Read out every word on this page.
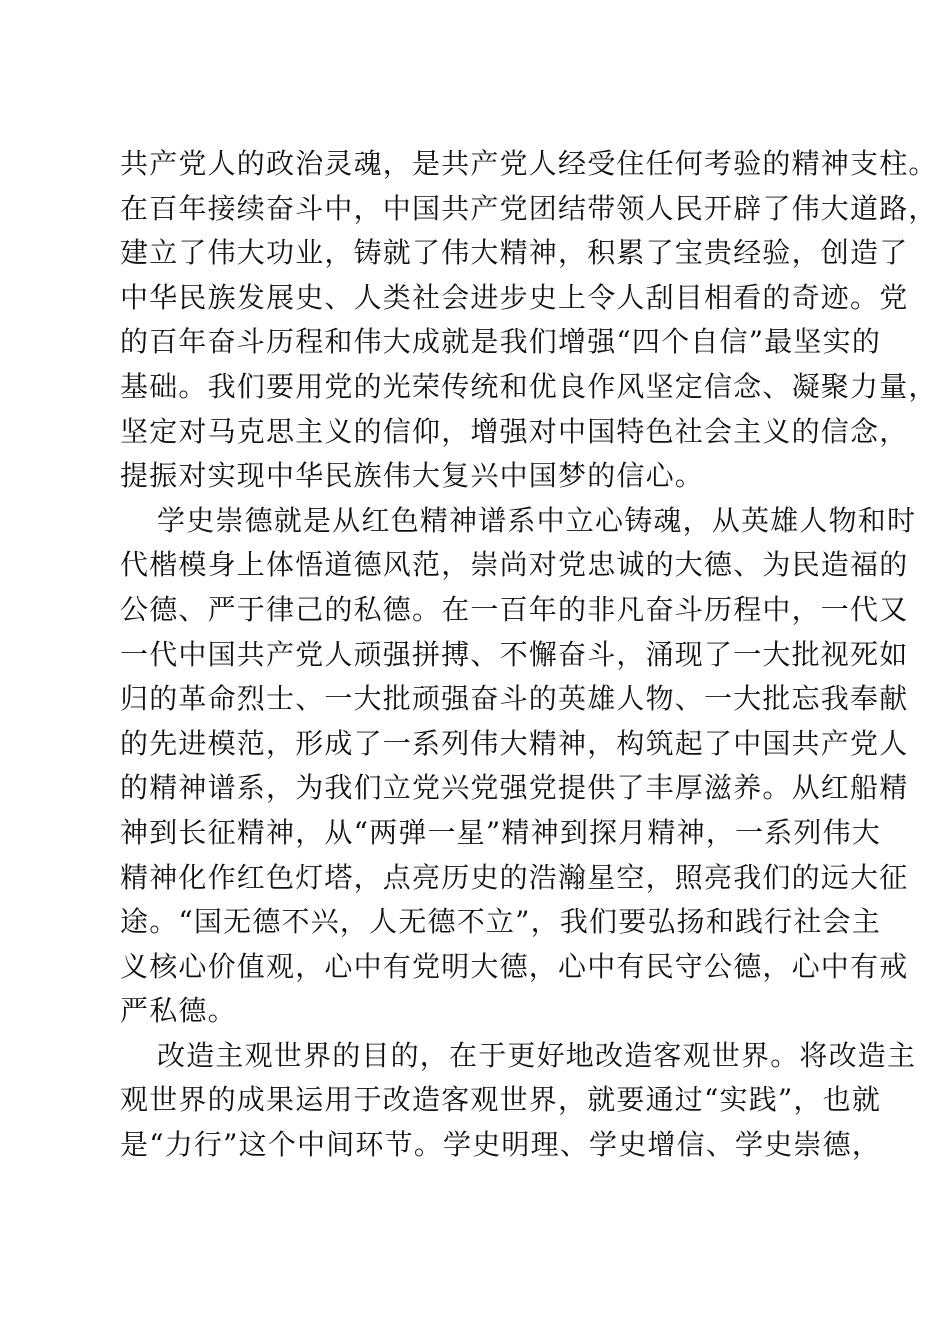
共产党人的政治灵魂，是共产党人经受住任何考验的精神支柱。
在百年接续奋斗中，中国共产党团结带领人民开辟了伟大道路，
建立了伟大功业，铸就了伟大精神，积累了宝贵经验，创造了
中华民族发展史、人类社会进步史上令人刮目相看的奇迹。党
的百年奋斗历程和伟大成就是我们增强“四个自信”最坚实的
基础。我们要用党的光荣传统和优良作风坚定信念、凝聚力量，
坚定对马克思主义的信仰，增强对中国特色社会主义的信念，
提振对实现中华民族伟大复兴中国梦的信心。
学史崇德就是从红色精神谱系中立心铸魂，从英雄人物和时
代楷模身上体悟道德风范，崇尚对党忠诚的大德、为民造福的
公德、严于律己的私德。在一百年的非凡奋斗历程中，一代又
一代中国共产党人顽强拼搏、不懈奋斗，涌现了一大批视死如
归的革命烈士、一大批顽强奋斗的英雄人物、一大批忘我奉献
的先进模范，形成了一系列伟大精神，构筑起了中国共产党人
的精神谱系，为我们立党兴党强党提供了丰厚滋养。从红船精
神到长征精神，从“两弹一星”精神到探月精神，一系列伟大
精神化作红色灯塔，点亮历史的浩瀚星空，照亮我们的远大征
途。“国无德不兴，人无德不立”，我们要弘扬和践行社会主
义核心价值观，心中有党明大德，心中有民守公德，心中有戒
严私德。
改造主观世界的目的，在于更好地改造客观世界。将改造主
观世界的成果运用于改造客观世界，就要通过“实践”，也就
是“力行”这个中间环节。学史明理、学史增信、学史崇德，
